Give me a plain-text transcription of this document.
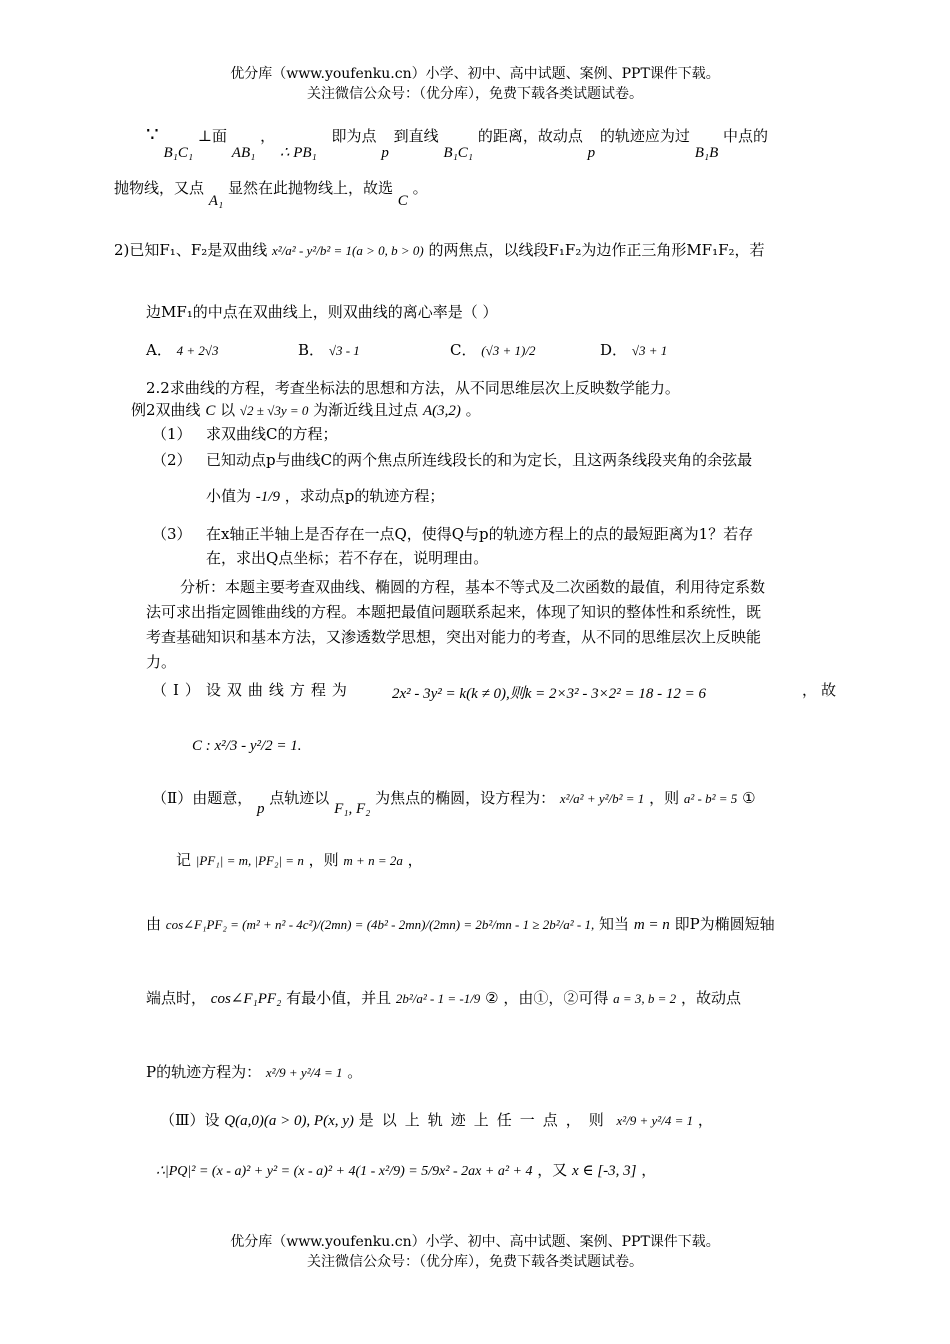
优分库（www.youfenku.cn）小学、初中、高中试题、案例、PPT课件下载。
关注微信公众号：（优分库），免费下载各类试题试卷。
∵ B₁C₁ ⊥面 AB₁ ， ∴ PB₁ 即为点 p 到直线 B₁C₁ 的距离，故动点 p 的轨迹应为过 B₁B 中点的
抛物线，又点 A₁ 显然在此抛物线上，故选 C 。
2)已知F₁、F₂是双曲线 x²/a² - y²/b² = 1(a > 0, b > 0) 的两焦点，以线段F₁F₂为边作正三角形MF₁F₂，若
边MF₁的中点在双曲线上，则双曲线的离心率是（ ）
A． 4 + 2√3	B． √3 - 1	C． (√3 + 1)/2	D． √3 + 1
2.2求曲线的方程，考查坐标法的思想和方法，从不同思维层次上反映数学能力。
例2双曲线 C 以 √2 ± √3y = 0 为渐近线且过点 A(3,2) 。
（1） 求双曲线C的方程；
（2） 已知动点p与曲线C的两个焦点所连线段长的和为定长，且这两条线段夹角的余弦最
小值为 -1/9 ，求动点p的轨迹方程；
（3） 在x轴正半轴上是否存在一点Q，使得Q与p的轨迹方程上的点的最短距离为1？若存
在，求出Q点坐标；若不存在，说明理由。
分析：本题主要考查双曲线、椭圆的方程，基本不等式及二次函数的最值，利用待定系数
法可求出指定圆锥曲线的方程。本题把最值问题联系起来，体现了知识的整体性和系统性，既
考查基础知识和基本方法，又渗透数学思想，突出对能力的考查，从不同的思维层次上反映能
力。
（Ⅰ）设双曲线方程为	2x² - 3y² = k(k ≠ 0),则k = 2×3² - 3×2² = 18 - 12 = 6	，故
C : x²/3 - y²/2 = 1.
（Ⅱ）由题意， p 点轨迹以 F₁, F₂ 为焦点的椭圆，设方程为： x²/a² + y²/b² = 1 ，则 a² - b² = 5 ①
记 |PF₁| = m, |PF₂| = n ，则 m + n = 2a ，
由 cos∠F₁PF₂ = (m² + n² - 4c²)/(2mn) = (4b² - 2mn)/(2mn) = 2b²/mn - 1 ≥ 2b²/a² - 1, 知当 m = n 即P为椭圆短轴
端点时， cos∠F₁PF₂ 有最小值，并且 2b²/a² - 1 = -1/9 ② ，由①，②可得 a = 3, b = 2 ，故动点
P的轨迹方程为： x²/9 + y²/4 = 1 。
（Ⅲ）设 Q(a,0)(a > 0), P(x, y) 是以上轨迹上任一点，则 x²/9 + y²/4 = 1 ，
∴|PQ|² = (x - a)² + y² = (x - a)² + 4(1 - x²/9) = 5/9x² - 2ax + a² + 4 ，又 x ∈ [-3, 3] ，
优分库（www.youfenku.cn）小学、初中、高中试题、案例、PPT课件下载。
关注微信公众号：（优分库），免费下载各类试题试卷。
